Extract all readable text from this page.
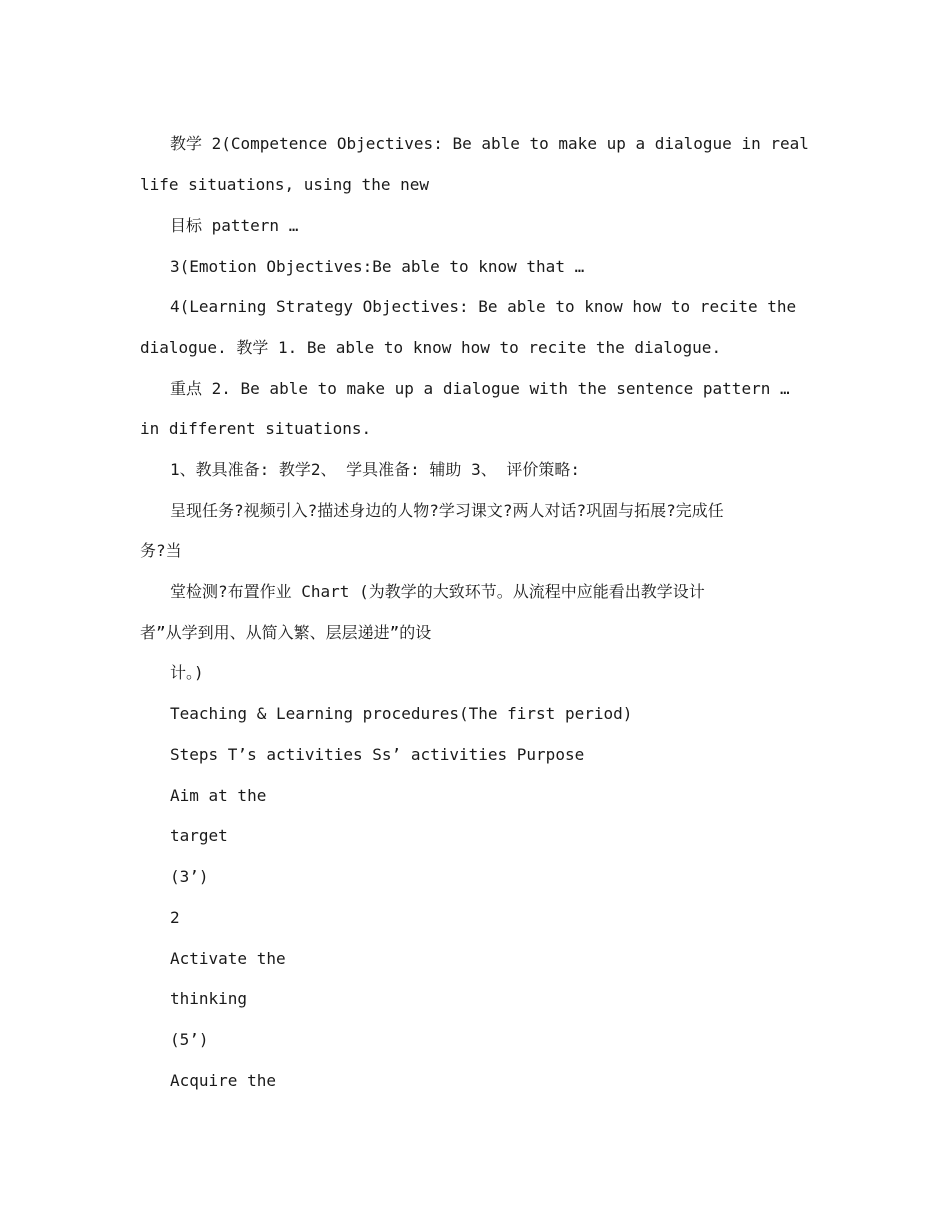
教学 2(Competence Objectives: Be able to make up a dialogue in real
life situations, using the new
目标 pattern …
3(Emotion Objectives:Be able to know that …
4(Learning Strategy Objectives: Be able to know how to recite the
dialogue. 教学 1. Be able to know how to recite the dialogue.
重点 2. Be able to make up a dialogue with the sentence pattern …
in different situations.
1、教具准备: 教学2、 学具准备: 辅助 3、 评价策略:
呈现任务?视频引入?描述身边的人物?学习课文?两人对话?巩固与拓展?完成任
务?当
堂检测?布置作业 Chart (为教学的大致环节。从流程中应能看出教学设计
者”从学到用、从简入繁、层层递进”的设
计。)
Teaching & Learning procedures(The first period)
Steps T’s activities Ss’ activities Purpose
Aim at the
target
(3’)
2
Activate the
thinking
(5’)
Acquire the
